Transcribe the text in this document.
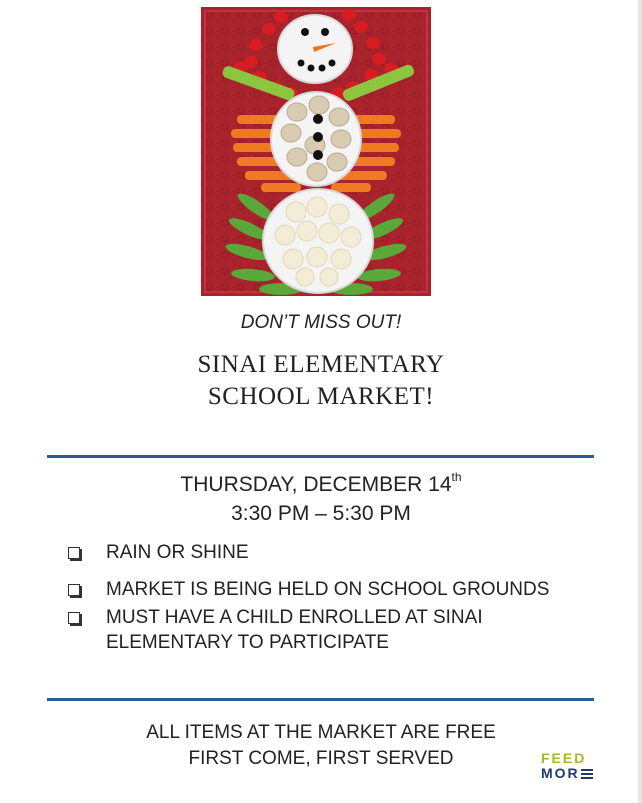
DON’T MISS OUT!
SINAI ELEMENTARY
SCHOOL MARKET!
THURSDAY, DECEMBER 14th
3:30 PM – 5:30 PM
RAIN OR SHINE
MARKET IS BEING HELD ON SCHOOL GROUNDS
MUST HAVE A CHILD ENROLLED AT SINAI ELEMENTARY TO PARTICIPATE
ALL ITEMS AT THE MARKET ARE FREE
FIRST COME, FIRST SERVED	FEED
MOR
